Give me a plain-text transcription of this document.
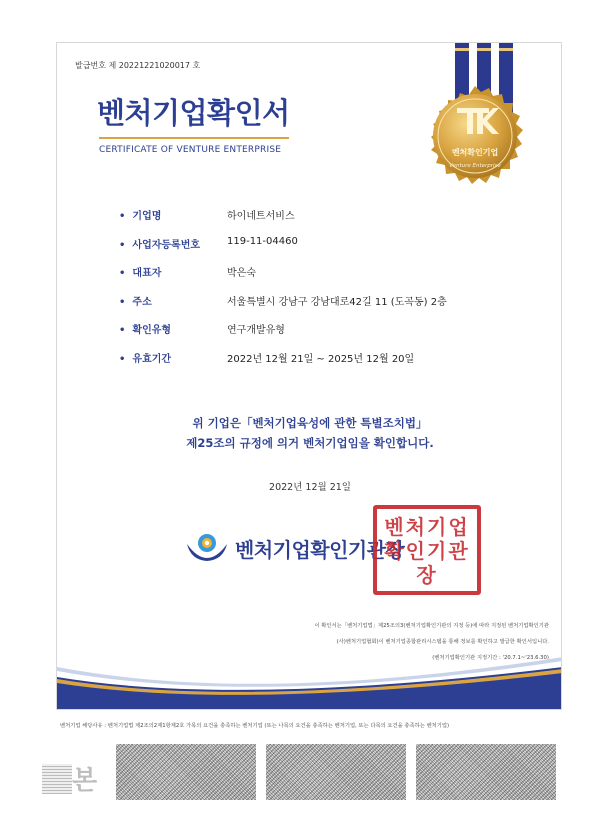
발급번호 제 20221221020017 호
벤처기업확인서
CERTIFICATE OF VENTURE ENTERPRISE	벤처확인기업
Venture Enterprise
• 기업명	하이네트서비스
• 사업자등록번호	119-11-04460
• 대표자	박은숙
• 주소	서울특별시 강남구 강남대로42길 11 (도곡동) 2층
• 확인유형	연구개발유형
• 유효기간	2022년 12월 21일 ~ 2025년 12월 20일
위 기업은「벤처기업육성에 관한 특별조치법」
제25조의 규정에 의거 벤처기업임을 확인합니다.
2022년 12월 21일
벤처기업확인기관장
벤처기업확인기관장
이 확인서는「벤처기업법」제25조의3(벤처기업확인기관의 지정 등)에 따라 지정된 벤처기업확인기관
(사)벤처기업협회)이 벤처기업종합관리시스템을 통해 정보를 확인하고 발급한 확인서입니다.
(벤처기업확인기관 지정기간 : '20.7.1~'23.6.30)
벤처기업 해당사유 : 벤처기업법 제2조의2제1항제2호 가목의 요건을 충족하는 벤처기업 (또는 나목의 요건을 충족하는 벤처기업, 또는 다목의 요건을 충족하는 벤처기업)
본
